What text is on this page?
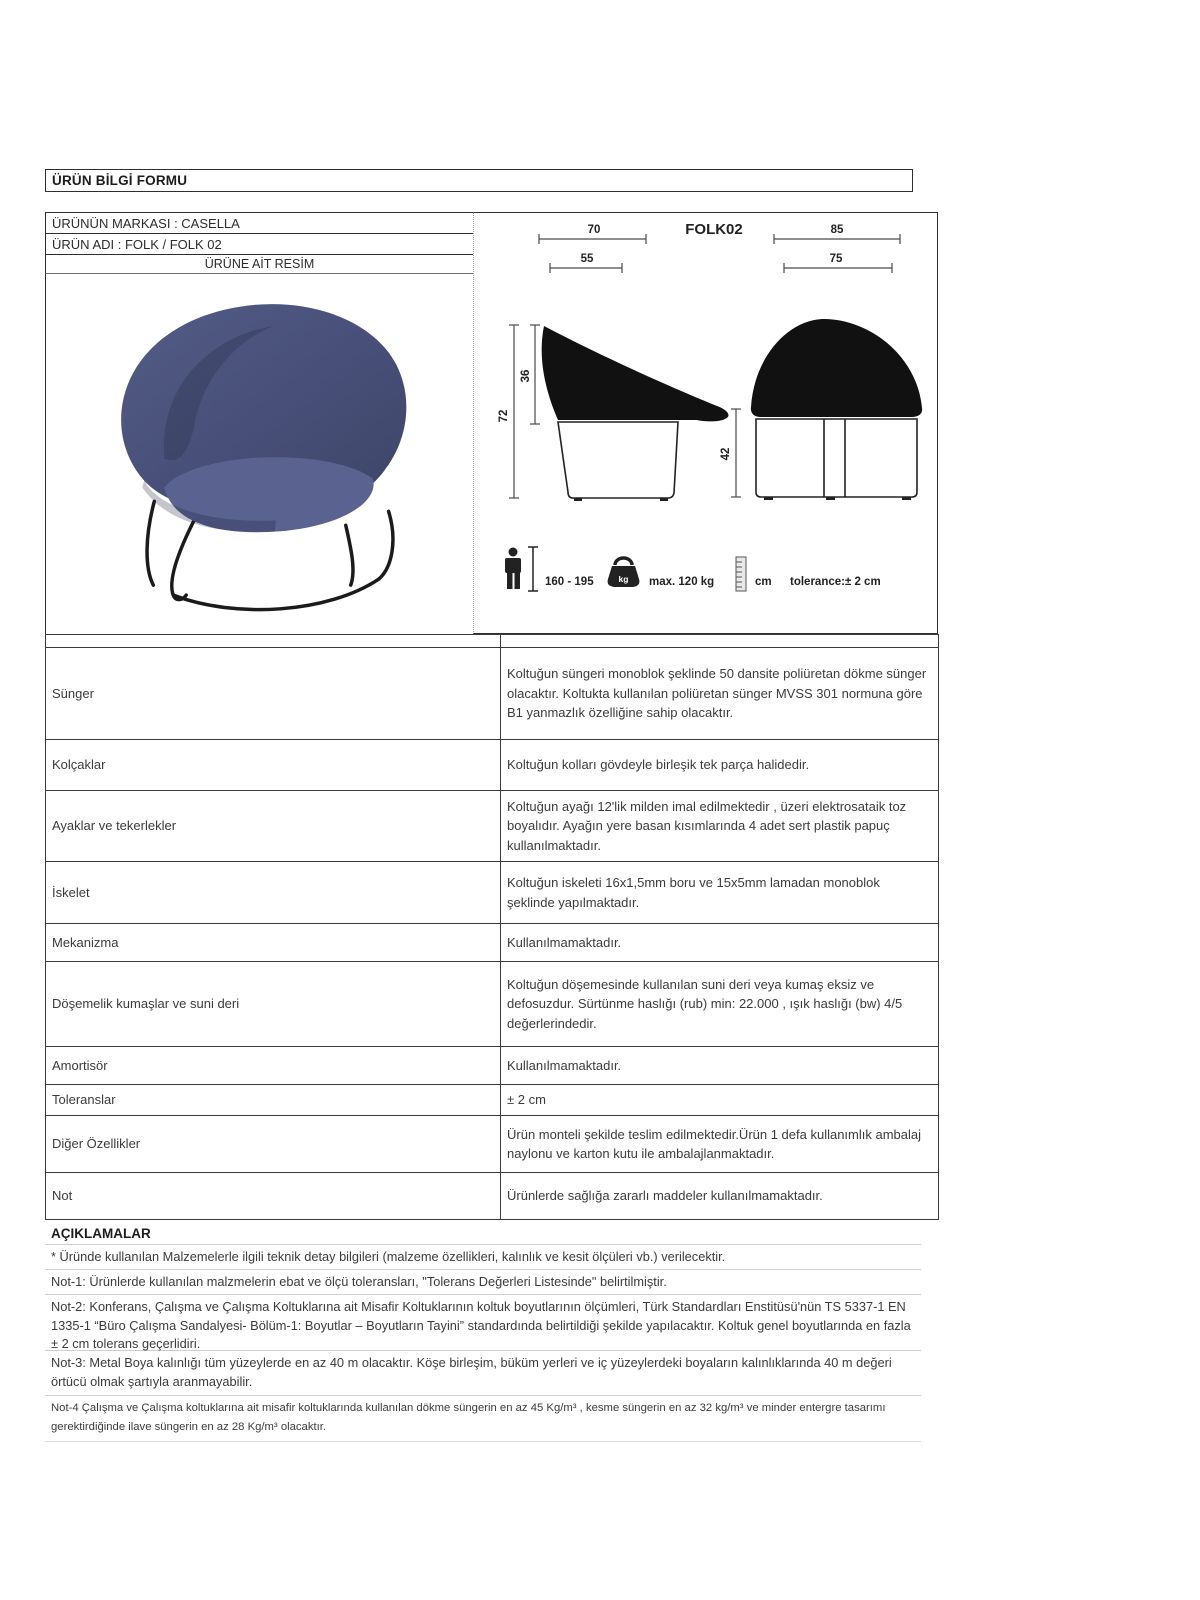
ÜRÜN BİLGİ FORMU
ÜRÜNÜN MARKASI : CASELLA
ÜRÜN ADI : FOLK / FOLK 02
ÜRÜNE AİT RESİM
FOLK02
70
55
85
75
72
36
42
160 - 195	kg max. 120 kg	cm tolerance:± 2 cm

Sünger	Koltuğun süngeri monoblok şeklinde 50 dansite poliüretan dökme sünger olacaktır. Koltukta kullanılan poliüretan sünger MVSS 301 normuna göre B1 yanmazlık özelliğine sahip olacaktır.
Kolçaklar	Koltuğun kolları gövdeyle birleşik tek parça halidedir.
Ayaklar ve tekerlekler	Koltuğun ayağı 12'lik milden imal edilmektedir , üzeri elektrosataik toz boyalıdır. Ayağın yere basan kısımlarında 4 adet sert plastik papuç kullanılmaktadır.
İskelet	Koltuğun iskeleti 16x1,5mm boru ve 15x5mm lamadan monoblok şeklinde yapılmaktadır.
Mekanizma	Kullanılmamaktadır.
Döşemelik kumaşlar ve suni deri	Koltuğun döşemesinde kullanılan suni deri veya kumaş eksiz ve defosuzdur. Sürtünme haslığı (rub) min: 22.000 , ışık haslığı (bw) 4/5 değerlerindedir.
Amortisör	Kullanılmamaktadır.
Toleranslar	± 2 cm
Diğer Özellikler	Ürün monteli şekilde teslim edilmektedir.Ürün 1 defa kullanımlık ambalaj naylonu ve karton kutu ile ambalajlanmaktadır.
Not	Ürünlerde sağlığa zararlı maddeler kullanılmamaktadır.
AÇIKLAMALAR
* Üründe kullanılan Malzemelerle ilgili teknik detay bilgileri (malzeme özellikleri, kalınlık ve kesit ölçüleri vb.) verilecektir.
Not-1: Ürünlerde kullanılan malzmelerin ebat ve ölçü toleransları, "Tolerans Değerleri Listesinde" belirtilmiştir.
Not-2: Konferans, Çalışma ve Çalışma Koltuklarına ait Misafir Koltuklarının koltuk boyutlarının ölçümleri, Türk Standardları Enstitüsü'nün TS 5337-1 EN 1335-1 “Büro Çalışma Sandalyesi- Bölüm-1: Boyutlar – Boyutların Tayini” standardında belirtildiği şekilde yapılacaktır. Koltuk genel boyutlarında en fazla ± 2 cm tolerans geçerlidiri.
Not-3: Metal Boya kalınlığı tüm yüzeylerde en az 40 m olacaktır. Köşe birleşim, büküm yerleri ve iç yüzeylerdeki boyaların kalınlıklarında 40 m değeri örtücü olmak şartıyla aranmayabilir.
Not-4 Çalışma ve Çalışma koltuklarına ait misafir koltuklarında kullanılan dökme süngerin en az 45 Kg/m³ , kesme süngerin en az 32 kg/m³ ve minder entergre tasarımı gerektirdiğinde ilave süngerin en az 28 Kg/m³ olacaktır.
